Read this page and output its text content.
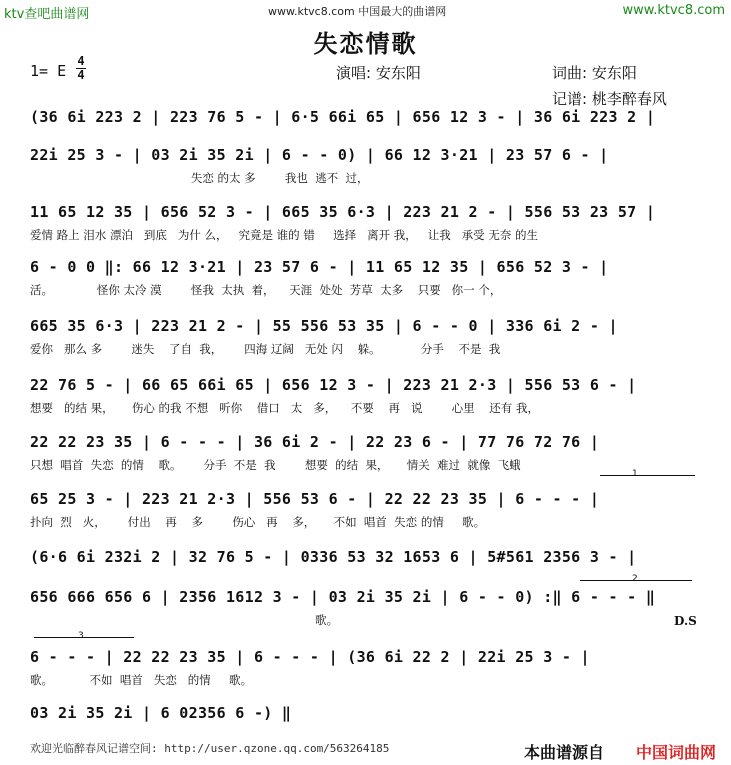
ktv查吧曲谱网	www.ktvc8.com 中国最大的曲谱网	www.ktvc8.com
失恋情歌
1= E
4
4	演唱: 安东阳	词曲: 安东阳
记谱: 桃李醉春风
(36 6i 223 2 | 223 76 5 - | 6·5 66i 65 | 656 12 3 - | 36 6i 223 2 |
22i 25 3 - | 03 2i 35 2i | 6 - - 0) | 66 12 3·21 | 23 57 6 - |
失恋 的太 多        我也  逃不  过，
11 65 12 35 | 656 52 3 - | 665 35 6·3 | 223 21 2 - | 556 53 23 57 |
爱情 路上 泪水 漂泊   到底   为什 么，   究竟是 谁的 错     选择   离开 我，   让我   承受 无奈 的生
6 - 0 0 ‖: 66 12 3·21 | 23 57 6 - | 11 65 12 35 | 656 52 3 - |
活。            怪你 太冷 漠        怪我  太执  着，    天涯  处处  芳草  太多    只要   你一 个，
665 35 6·3 | 223 21 2 - | 55 556 53 35 | 6 - - 0 | 336 6i 2 - |
爱你   那么 多        迷失    了自  我，      四海 辽阔   无处 闪    躲。           分手    不是  我
22 76 5 - | 66 65 66i 65 | 656 12 3 - | 223 21 2·3 | 556 53 6 - |
想要   的结 果，     伤心 的我 不想   听你    借口   太   多，    不要    再   说        心里    还有 我，
22 22 23 35 | 6 - - - | 36 6i 2 - | 22 23 6 - | 77 76 72 76 |
只想  唱首  失恋  的情    歌。      分手  不是  我        想要  的结  果，     情关  难过  就像  飞蛾
65 25 3 - | 223 21 2·3 | 556 53 6 - | 22 22 23 35 | 6 - - - |
扑向  烈   火，      付出    再    多        伤心   再    多，     不如  唱首  失恋 的情     歌。
(6·6 6i 232i 2 | 32 76 5 - | 0336 53 32 1653 6 | 5#561 2356 3 - |
656 666 656 6 | 2356 1612 3 - | 03 2i 35 2i | 6 - - 0) :‖ 6 - - - ‖
歌。
6 - - - | 22 22 23 35 | 6 - - - | (36 6i 22 2 | 22i 25 3 - |
歌。          不如  唱首   失恋   的情     歌。
03 2i 35 2i | 6 02356 6 -) ‖
1
2
3
D.S
欢迎光临醉春风记谱空间: http://user.qzone.qq.com/563264185	本曲谱源自 中国词曲网
